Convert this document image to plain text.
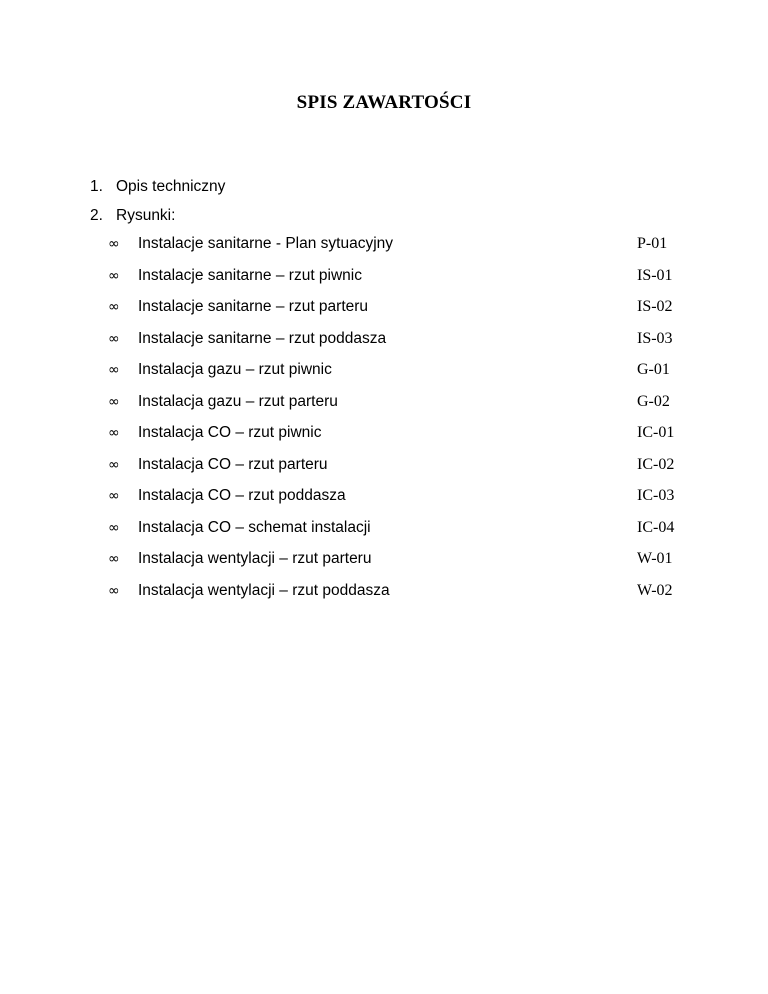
SPIS ZAWARTOŚCI
1. Opis techniczny
2. Rysunki:
∞	Instalacje sanitarne - Plan sytuacyjny	P-01
∞	Instalacje sanitarne – rzut piwnic	IS-01
∞	Instalacje sanitarne – rzut parteru	IS-02
∞	Instalacje sanitarne – rzut poddasza	IS-03
∞	Instalacja gazu – rzut piwnic	G-01
∞	Instalacja gazu – rzut parteru	G-02
∞	Instalacja CO – rzut piwnic	IC-01
∞	Instalacja CO – rzut parteru	IC-02
∞	Instalacja CO – rzut poddasza	IC-03
∞	Instalacja CO – schemat instalacji	IC-04
∞	Instalacja wentylacji – rzut parteru	W-01
∞	Instalacja wentylacji – rzut poddasza	W-02
